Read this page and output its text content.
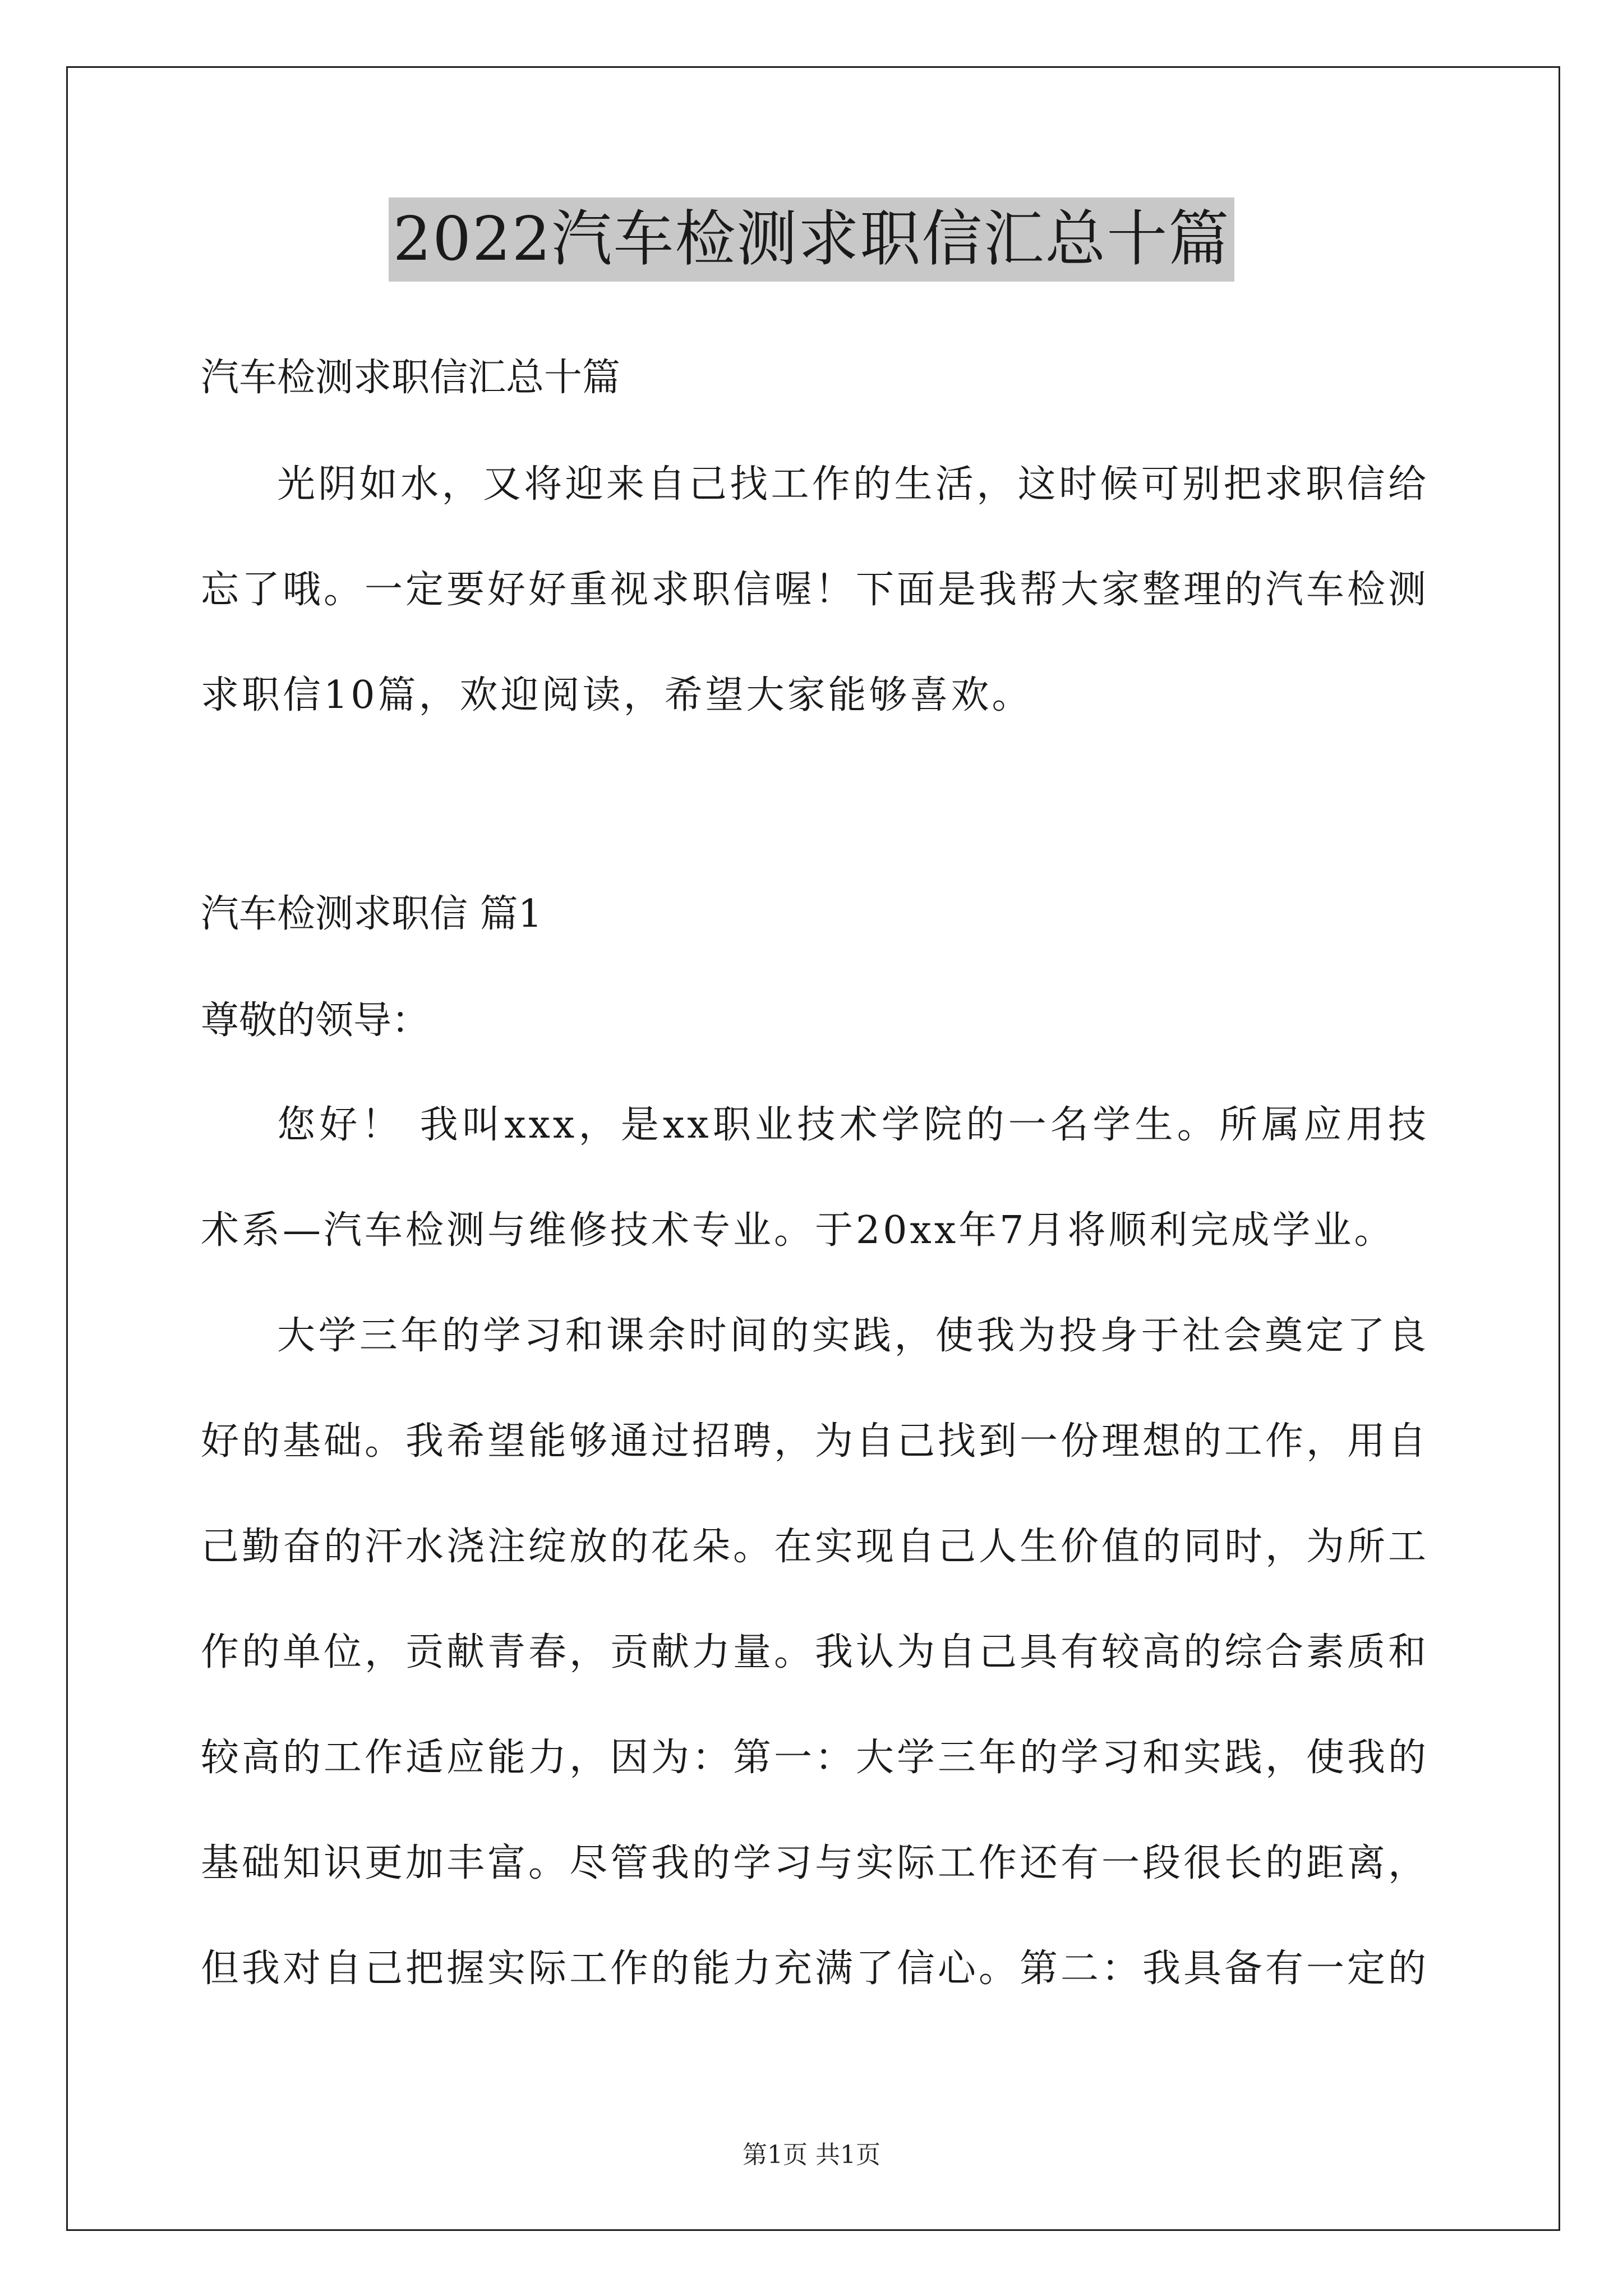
2022汽车检测求职信汇总十篇
汽车检测求职信汇总十篇
光阴如水，又将迎来自己找工作的生活，这时候可别把求职信给忘了哦。一定要好好重视求职信喔！下面是我帮大家整理的汽车检测求职信10篇，欢迎阅读，希望大家能够喜欢。
汽车检测求职信 篇1
尊敬的领导：
您好！ 我叫xxx，是xx职业技术学院的一名学生。所属应用技术系—汽车检测与维修技术专业。于20xx年7月将顺利完成学业。
大学三年的学习和课余时间的实践，使我为投身于社会奠定了良好的基础。我希望能够通过招聘，为自己找到一份理想的工作，用自己勤奋的汗水浇注绽放的花朵。在实现自己人生价值的同时，为所工作的单位，贡献青春，贡献力量。我认为自己具有较高的综合素质和较高的工作适应能力，因为：第一：大学三年的学习和实践，使我的基础知识更加丰富。尽管我的学习与实际工作还有一段很长的距离，但我对自己把握实际工作的能力充满了信心。第二：我具备有一定的
第1页 共1页
